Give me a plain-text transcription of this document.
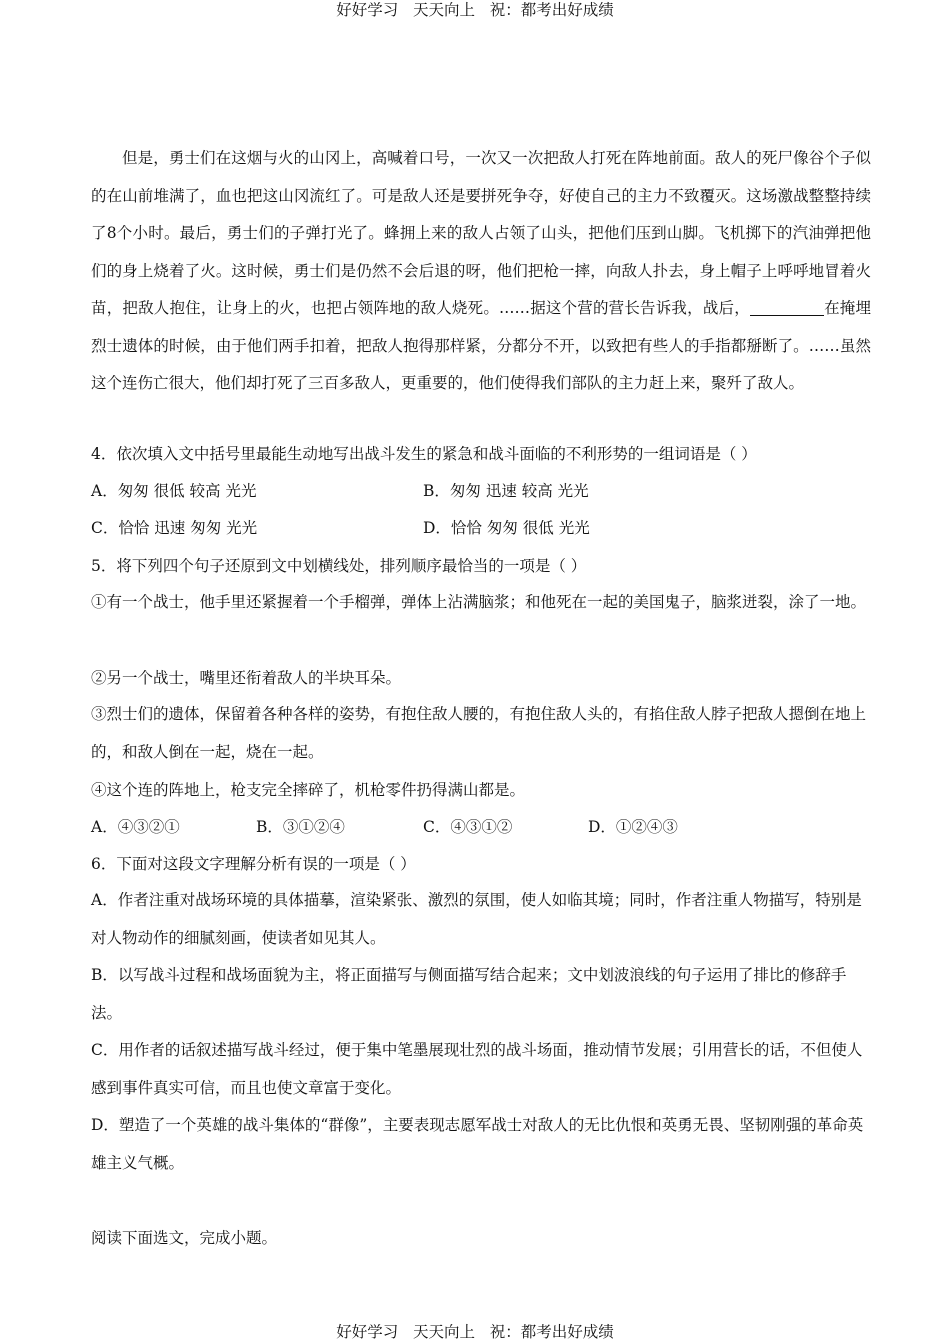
好好学习   天天向上   祝：都考出好成绩

但是，勇士们在这烟与火的山冈上，高喊着口号，一次又一次把敌人打死在阵地前面。敌人的死尸像谷个子似的在山前堆满了，血也把这山冈流红了。可是敌人还是要拼死争夺，好使自己的主力不致覆灭。这场激战整整持续了8个小时。最后，勇士们的子弹打光了。蜂拥上来的敌人占领了山头，把他们压到山脚。飞机掷下的汽油弹把他们的身上烧着了火。这时候，勇士们是仍然不会后退的呀，他们把枪一摔，向敌人扑去，身上帽子上呼呼地冒着火苗，把敌人抱住，让身上的火，也把占领阵地的敌人烧死。……据这个营的营长告诉我，战后，	在掩埋烈士遗体的时候，由于他们两手扣着，把敌人抱得那样紧，分都分不开，以致把有些人的手指都掰断了。……虽然这个连伤亡很大，他们却打死了三百多敌人，更重要的，他们使得我们部队的主力赶上来，聚歼了敌人。

4．依次填入文中括号里最能生动地写出战斗发生的紧急和战斗面临的不利形势的一组词语是（ ）
A．匆匆 很低 较高 光光	B．匆匆 迅速 较高 光光
C．恰恰 迅速 匆匆 光光	D．恰恰 匆匆 很低 光光
5．将下列四个句子还原到文中划横线处，排列顺序最恰当的一项是（ ）
①有一个战士，他手里还紧握着一个手榴弹，弹体上沾满脑浆；和他死在一起的美国鬼子，脑浆迸裂，涂了一地。
②另一个战士，嘴里还衔着敌人的半块耳朵。
③烈士们的遗体，保留着各种各样的姿势，有抱住敌人腰的，有抱住敌人头的，有掐住敌人脖子把敌人摁倒在地上的，和敌人倒在一起，烧在一起。
④这个连的阵地上，枪支完全摔碎了，机枪零件扔得满山都是。
A．④③②①	B．③①②④	C．④③①②	D．①②④③
6．下面对这段文字理解分析有误的一项是（ ）
A．作者注重对战场环境的具体描摹，渲染紧张、激烈的氛围，使人如临其境；同时，作者注重人物描写，特别是对人物动作的细腻刻画，使读者如见其人。
B．以写战斗过程和战场面貌为主，将正面描写与侧面描写结合起来；文中划波浪线的句子运用了排比的修辞手法。
C．用作者的话叙述描写战斗经过，便于集中笔墨展现壮烈的战斗场面，推动情节发展；引用营长的话，不但使人感到事件真实可信，而且也使文章富于变化。
D．塑造了一个英雄的战斗集体的“群像”，主要表现志愿军战士对敌人的无比仇恨和英勇无畏、坚韧刚强的革命英雄主义气概。
阅读下面选文，完成小题。
好好学习   天天向上   祝：都考出好成绩
